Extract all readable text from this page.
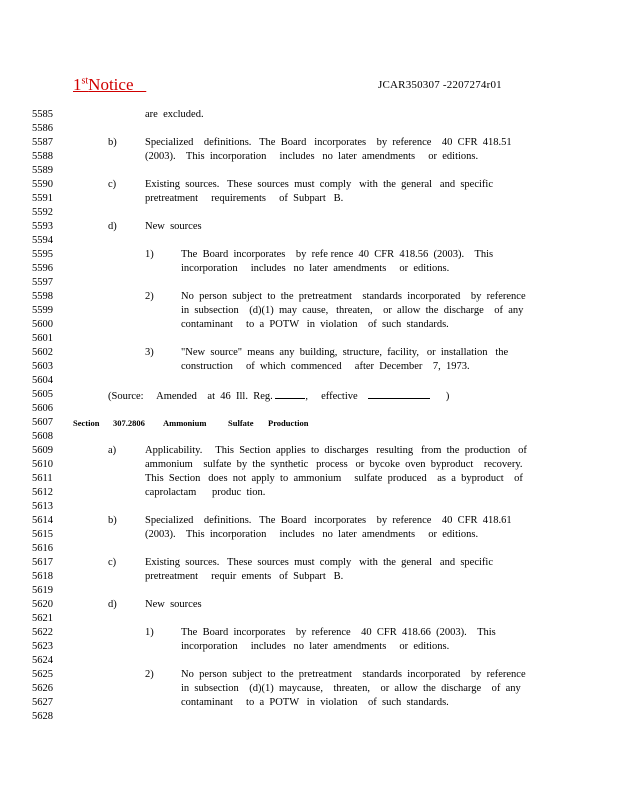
1stNotice	JCAR350307 -2207274r01
5585
5586
5587
5588
5589
5590
5591
5592
5593
5594
5595
5596
5597
5598
5599
5600
5601
5602
5603
5604
5605
5606
5607
5608
5609
5610
5611
5612
5613
5614
5615
5616
5617
5618
5619
5620
5621
5622
5623
5624
5625
5626
5627
5628
are  excluded.
b)	Specialized    definitions.   The  Board   incorporates    by  reference    40  CFR  418.51
(2003).    This  incorporation     includes   no  later  amendments     or  editions.
c)	Existing  sources.   These  sources  must  comply   with  the  general   and  specific
pretreatment     requirements     of  Subpart   B.
d)	New  sources
1)	The  Board  incorporates    by  refe rence  40  CFR  418.56  (2003).    This
incorporation     includes   no  later  amendments     or  editions.
2)	No  person  subject  to  the  pretreatment    standards  incorporated    by  reference
in  subsection    (d)(1)  may  cause,   threaten,    or  allow  the  discharge    of  any
contaminant     to  a  POTW   in  violation    of  such  standards.
3)	"New  source"  means  any  building,  structure,  facility,   or  installation   the
construction     of  which  commenced     after  December    7,  1973.
(Source:     Amended    at  46  Ill.  Reg.	,     effective	)
Section 307.2806 Ammonium	Sulfate Production
a)	Applicability.     This  Section  applies  to  discharges   resulting   from  the  production   of
ammonium    sulfate  by  the  synthetic   process   or  bycoke  oven  byproduct    recovery.
This  Section   does  not  apply  to  ammonium     sulfate  produced    as  a  byproduct    of
caprolactam      produc  tion.
b)	Specialized    definitions.   The  Board   incorporates    by  reference    40  CFR  418.61
(2003).    This  incorporation     includes   no  later  amendments     or  editions.
c)	Existing  sources.   These  sources  must  comply   with  the  general   and  specific
pretreatment     requir  ements   of  Subpart   B.
d)	New  sources
1)	The  Board  incorporates    by  reference    40  CFR  418.66  (2003).    This
incorporation     includes   no  later  amendments     or  editions.
2)	No  person  subject  to  the  pretreatment    standards  incorporated    by  reference
in  subsection    (d)(1)  maycause,    threaten,    or  allow  the  discharge    of  any
contaminant     to  a  POTW   in  violation    of  such  standards.
